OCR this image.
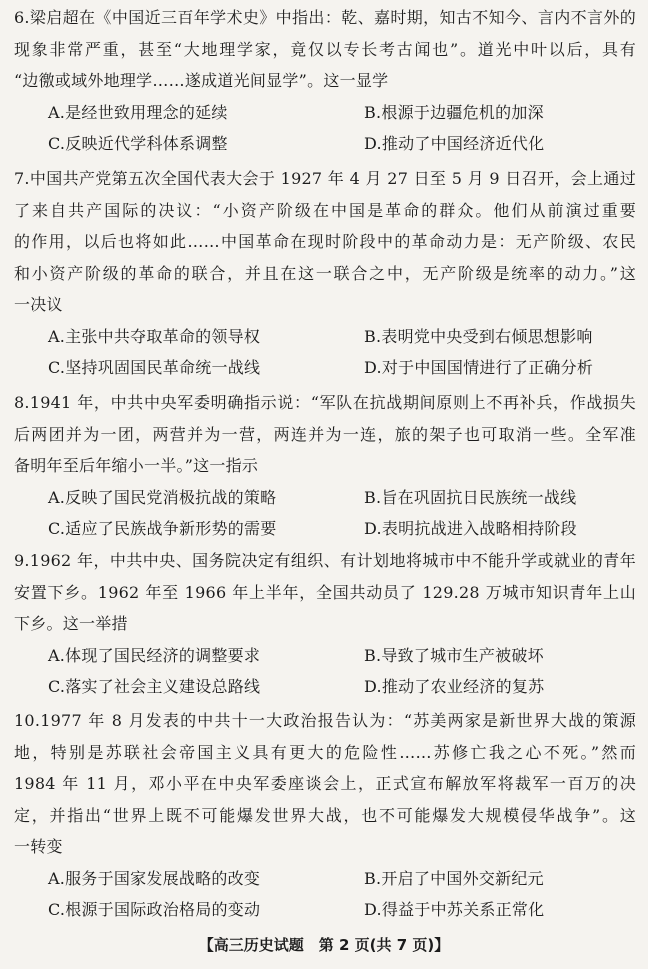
6.梁启超在《中国近三百年学术史》中指出：乾、嘉时期，知古不知今、言内不言外的
现象非常严重，甚至“大地理学家，竟仅以专长考古闻也”。道光中叶以后，具有
“边徼或域外地理学……遂成道光间显学”。这一显学
A.是经世致用理念的延续	B.根源于边疆危机的加深
C.反映近代学科体系调整	D.推动了中国经济近代化
7.中国共产党第五次全国代表大会于 1927 年 4 月 27 日至 5 月 9 日召开，会上通过
了来自共产国际的决议：“小资产阶级在中国是革命的群众。他们从前演过重要
的作用，以后也将如此……中国革命在现时阶段中的革命动力是：无产阶级、农民
和小资产阶级的革命的联合，并且在这一联合之中，无产阶级是统率的动力。”这
一决议
A.主张中共夺取革命的领导权	B.表明党中央受到右倾思想影响
C.坚持巩固国民革命统一战线	D.对于中国国情进行了正确分析
8.1941 年，中共中央军委明确指示说：“军队在抗战期间原则上不再补兵，作战损失
后两团并为一团，两营并为一营，两连并为一连，旅的架子也可取消一些。全军准
备明年至后年缩小一半。”这一指示
A.反映了国民党消极抗战的策略	B.旨在巩固抗日民族统一战线
C.适应了民族战争新形势的需要	D.表明抗战进入战略相持阶段
9.1962 年，中共中央、国务院决定有组织、有计划地将城市中不能升学或就业的青年
安置下乡。1962 年至 1966 年上半年，全国共动员了 129.28 万城市知识青年上山
下乡。这一举措
A.体现了国民经济的调整要求	B.导致了城市生产被破坏
C.落实了社会主义建设总路线	D.推动了农业经济的复苏
10.1977 年 8 月发表的中共十一大政治报告认为：“苏美两家是新世界大战的策源
地，特别是苏联社会帝国主义具有更大的危险性……苏修亡我之心不死。”然而
1984 年 11 月，邓小平在中央军委座谈会上，正式宣布解放军将裁军一百万的决
定，并指出“世界上既不可能爆发世界大战，也不可能爆发大规模侵华战争”。这
一转变
A.服务于国家发展战略的改变	B.开启了中国外交新纪元
C.根源于国际政治格局的变动	D.得益于中苏关系正常化
【高三历史试题　第 2 页(共 7 页)】
